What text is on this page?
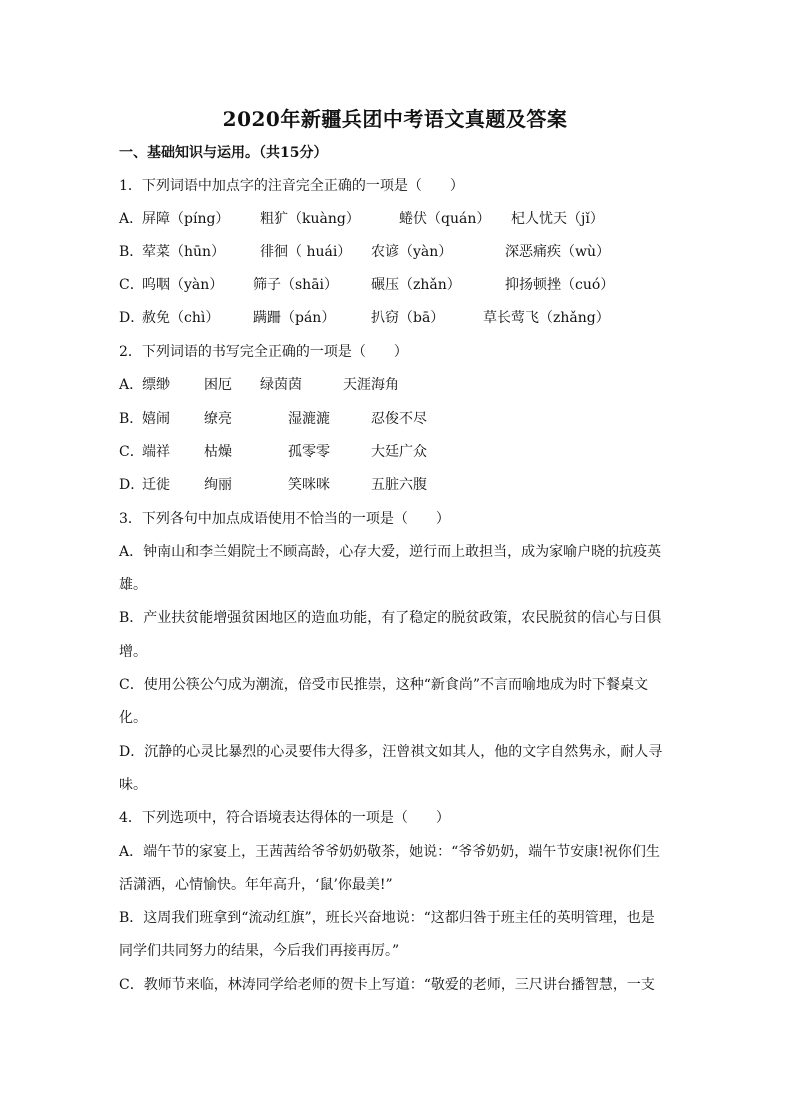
2020年新疆兵团中考语文真题及答案
一、基础知识与运用。（共15分）
1．下列词语中加点字的注音完全正确的一项是（　　）
A．
屏障（píng） 粗犷（kuàng）	蜷伏（quán） 杞人忧天（jǐ）
B．
荤菜（hūn） 徘徊（ huái） 农谚（yàn）	深恶痛疾（wù）
C．
呜咽（yàn） 筛子（shāi） 碾压（zhǎn）	抑扬顿挫（cuó）
D．
赦免（chì） 蹒跚（pán）	扒窃（bā）	草长莺飞（zhǎng）
2．下列词语的书写完全正确的一项是（　　）
A．
缥缈 困厄 绿茵茵	天涯海角
B．
嬉闹 缭亮	湿漉漉	忍俊不尽
C．
端祥 枯燥	孤零零	大廷广众
D．
迁徙 绚丽	笑咪咪	五脏六腹
3．下列各句中加点成语使用不恰当的一项是（　　）
A．钟南山和李兰娟院士不顾高龄，心存大爱，逆行而上敢担当，成为家喻户晓的抗疫英
雄。
B．产业扶贫能增强贫困地区的造血功能，有了稳定的脱贫政策，农民脱贫的信心与日俱
增。
C．使用公筷公勺成为潮流，倍受市民推崇，这种“新食尚”不言而喻地成为时下餐桌文
化。
D．沉静的心灵比暴烈的心灵要伟大得多，汪曾祺文如其人，他的文字自然隽永，耐人寻
味。
4．下列选项中，符合语境表达得体的一项是（　　）
A．端午节的家宴上，王茜茜给爷爷奶奶敬茶，她说：“爷爷奶奶，端午节安康!祝你们生
活潇洒，心情愉快。年年高升，‘鼠’你最美!”
B．这周我们班拿到“流动红旗”，班长兴奋地说：“这都归咎于班主任的英明管理，也是
同学们共同努力的结果，今后我们再接再厉。”
C．教师节来临，林涛同学给老师的贺卡上写道：“敬爱的老师，三尺讲台播智慧，一支
